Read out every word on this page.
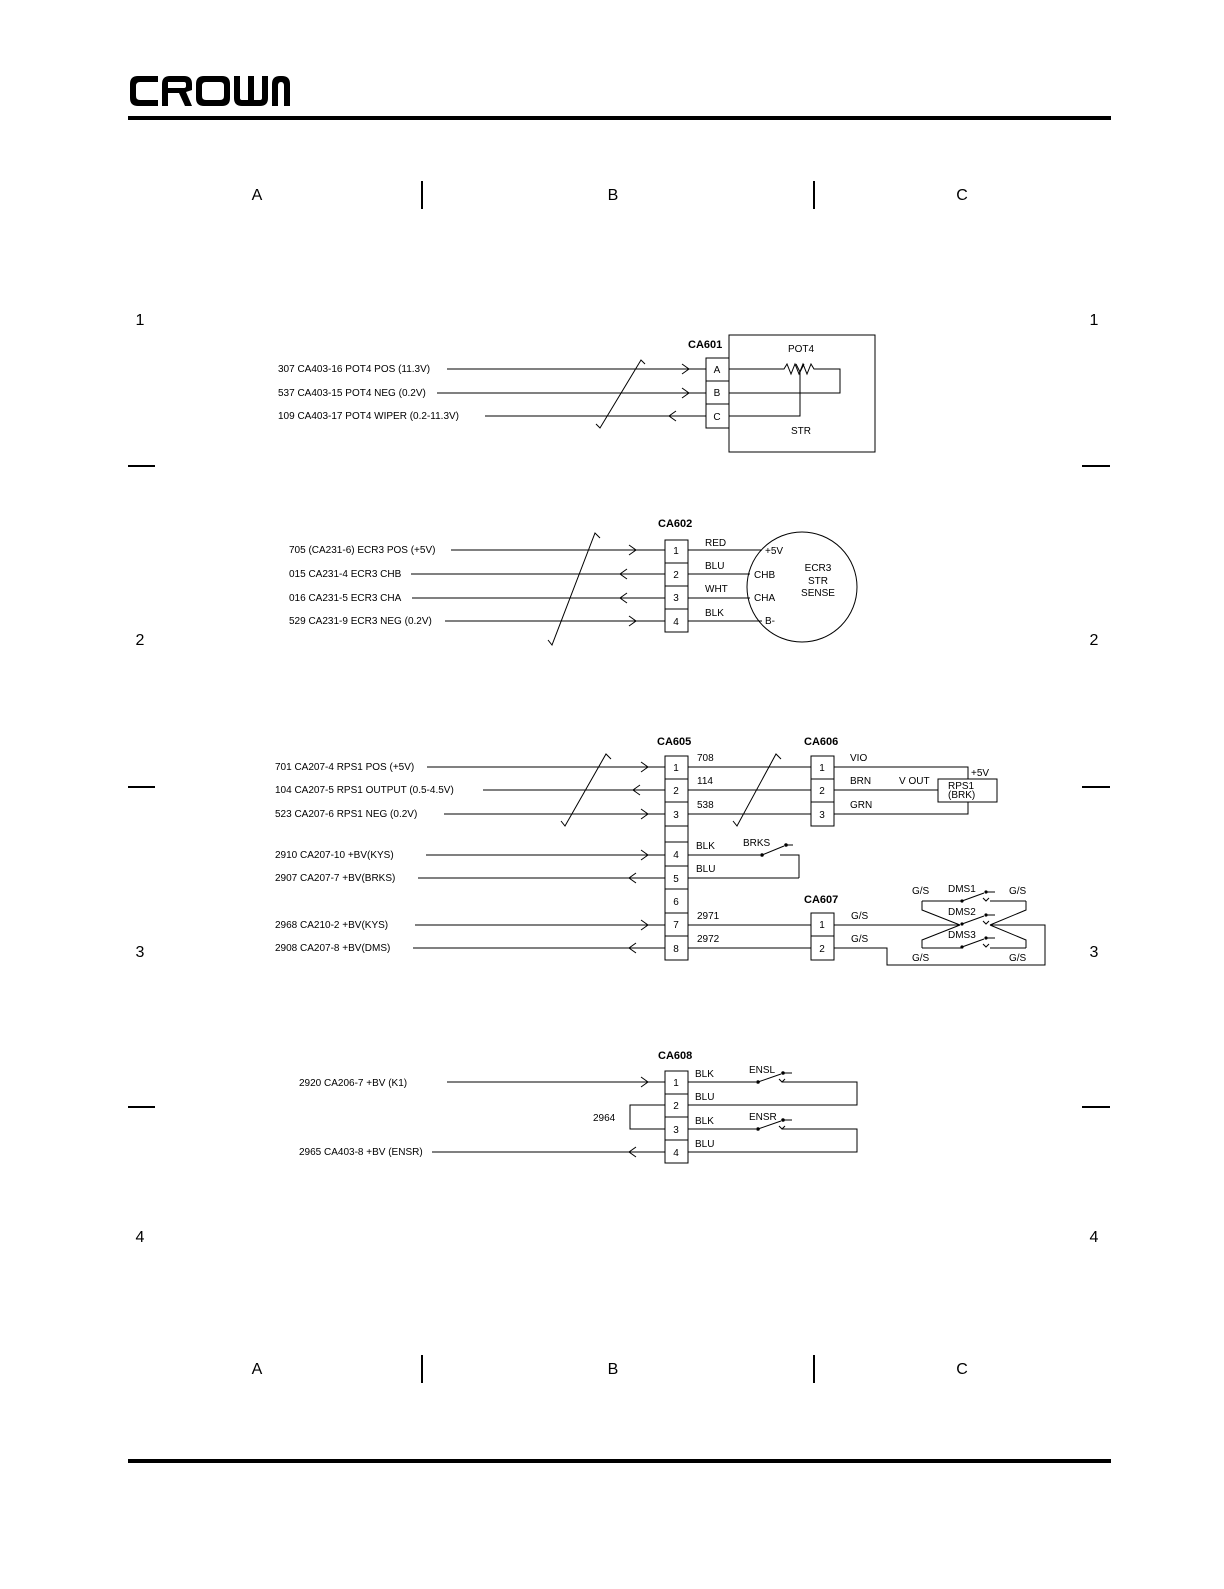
A	B	C
A	B	C
1	1
2	2
3	3
4	4
307 CA403-16 POT4 POS (11.3V)
537 CA403-15 POT4 NEG (0.2V)
109 CA403-17 POT4 WIPER (0.2-11.3V)
CA601
A
B
C
POT4
STR
705 (CA231-6) ECR3 POS (+5V)
015 CA231-4 ECR3 CHB
016 CA231-5 ECR3 CHA
529 CA231-9 ECR3 NEG (0.2V)
CA602
1
2
3
4
RED
BLU
WHT
BLK
+5V
CHB
CHA
B-
ECR3
STR
SENSE
701 CA207-4 RPS1 POS (+5V)
104 CA207-5 RPS1 OUTPUT (0.5-4.5V)
523 CA207-6 RPS1 NEG (0.2V)
2910 CA207-10 +BV(KYS)
2907 CA207-7 +BV(BRKS)
2968 CA210-2 +BV(KYS)
2908 CA207-8 +BV(DMS)
CA605
1
2
3
4
5
6
7
8
708
114
538
BLK
BLU
BRKS
2971
2972
CA606
1
2
3
VIO
BRN
GRN
V OUT
+5V
RPS1
(BRK)
CA607
1
2
G/S
G/S
G/S	G/S
G/S	G/S
DMS1
DMS2
DMS3
2920 CA206-7 +BV (K1)
2965 CA403-8 +BV (ENSR)
CA608
1
2
3
4
2964
BLK
BLU
BLK
BLU
ENSL
ENSR
